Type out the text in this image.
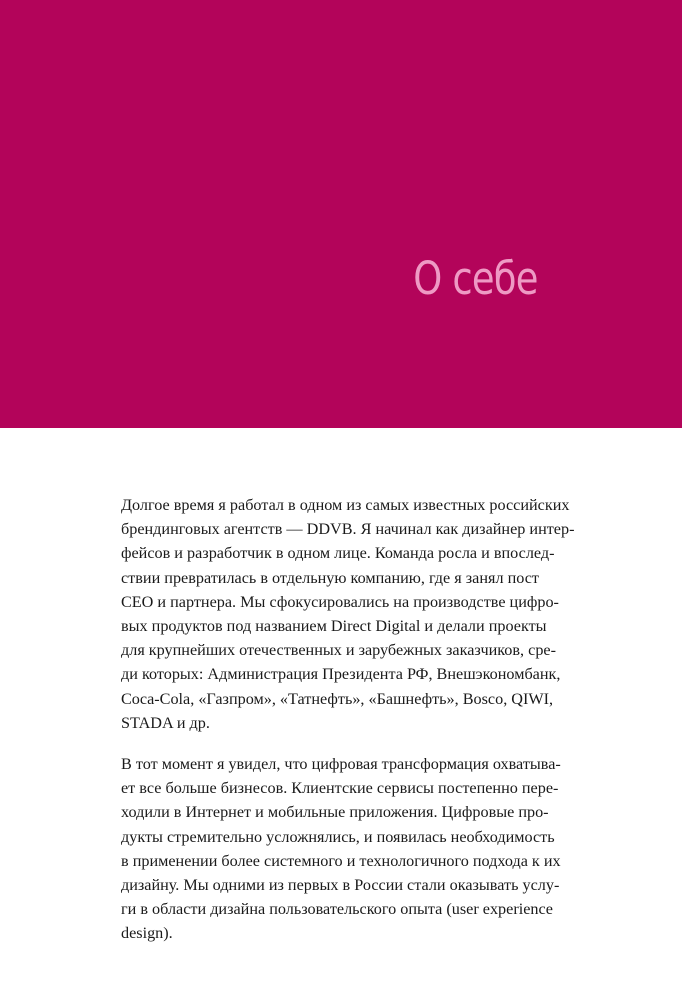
О себе

Долгое время я работал в одном из самых известных российских
брендинговых агентств — DDVB. Я начинал как дизайнер интер-
фейсов и разработчик в одном лице. Команда росла и впослед-
ствии превратилась в отдельную компанию, где я занял пост
CEO и партнера. Мы сфокусировались на производстве цифро-
вых продуктов под названием Direct Digital и делали проекты
для крупнейших отечественных и зарубежных заказчиков, сре-
ди которых: Администрация Президента РФ, Внешэкономбанк,
Coca-Cola, «Газпром», «Татнефть», «Башнефть», Bosco, QIWI,
STADA и др.

В тот момент я увидел, что цифровая трансформация охватыва-
ет все больше бизнесов. Клиентские сервисы постепенно пере-
ходили в Интернет и мобильные приложения. Цифровые про-
дукты стремительно усложнялись, и появилась необходимость
в применении более системного и технологичного подхода к их
дизайну. Мы одними из первых в России стали оказывать услу-
ги в области дизайна пользовательского опыта (user experience
design).
